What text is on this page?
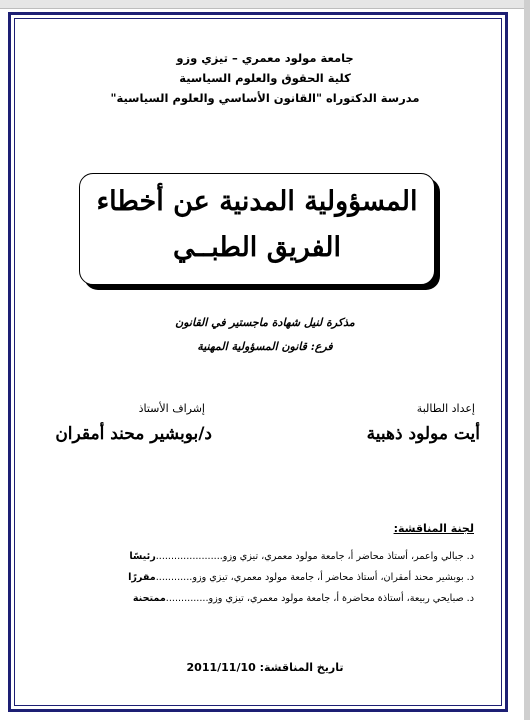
جامعة مولود معمري – تيزي وزو
كلية الحقوق والعلوم السياسية
مدرسة الدكتوراه "القانون الأساسي والعلوم السياسية"
المسؤولية المدنية عن أخطاء
الفريق الطبــي
مذكرة لنيل شهادة ماجستير في القانون
فرع: قانون المسؤولية المهنية
إعداد الطالبة
إشراف الأستاذ
أيت مولود ذهبية
د/بوبشير محند أمقران
لجنة المناقشة:
د. جبالي واعمر، أستاذ محاضر أ، جامعة مولود معمري، تيزي وزو......................رئيسًا
د. بوبشير محند أمقران، أستاذ محاضر أ، جامعة مولود معمري، تيزي وزو............مقررًا
د. صبايحي ربيعة، أستاذة محاضرة أ، جامعة مولود معمري، تيزي وزو..............ممتحنة
تاريخ المناقشة: 2011/11/10
